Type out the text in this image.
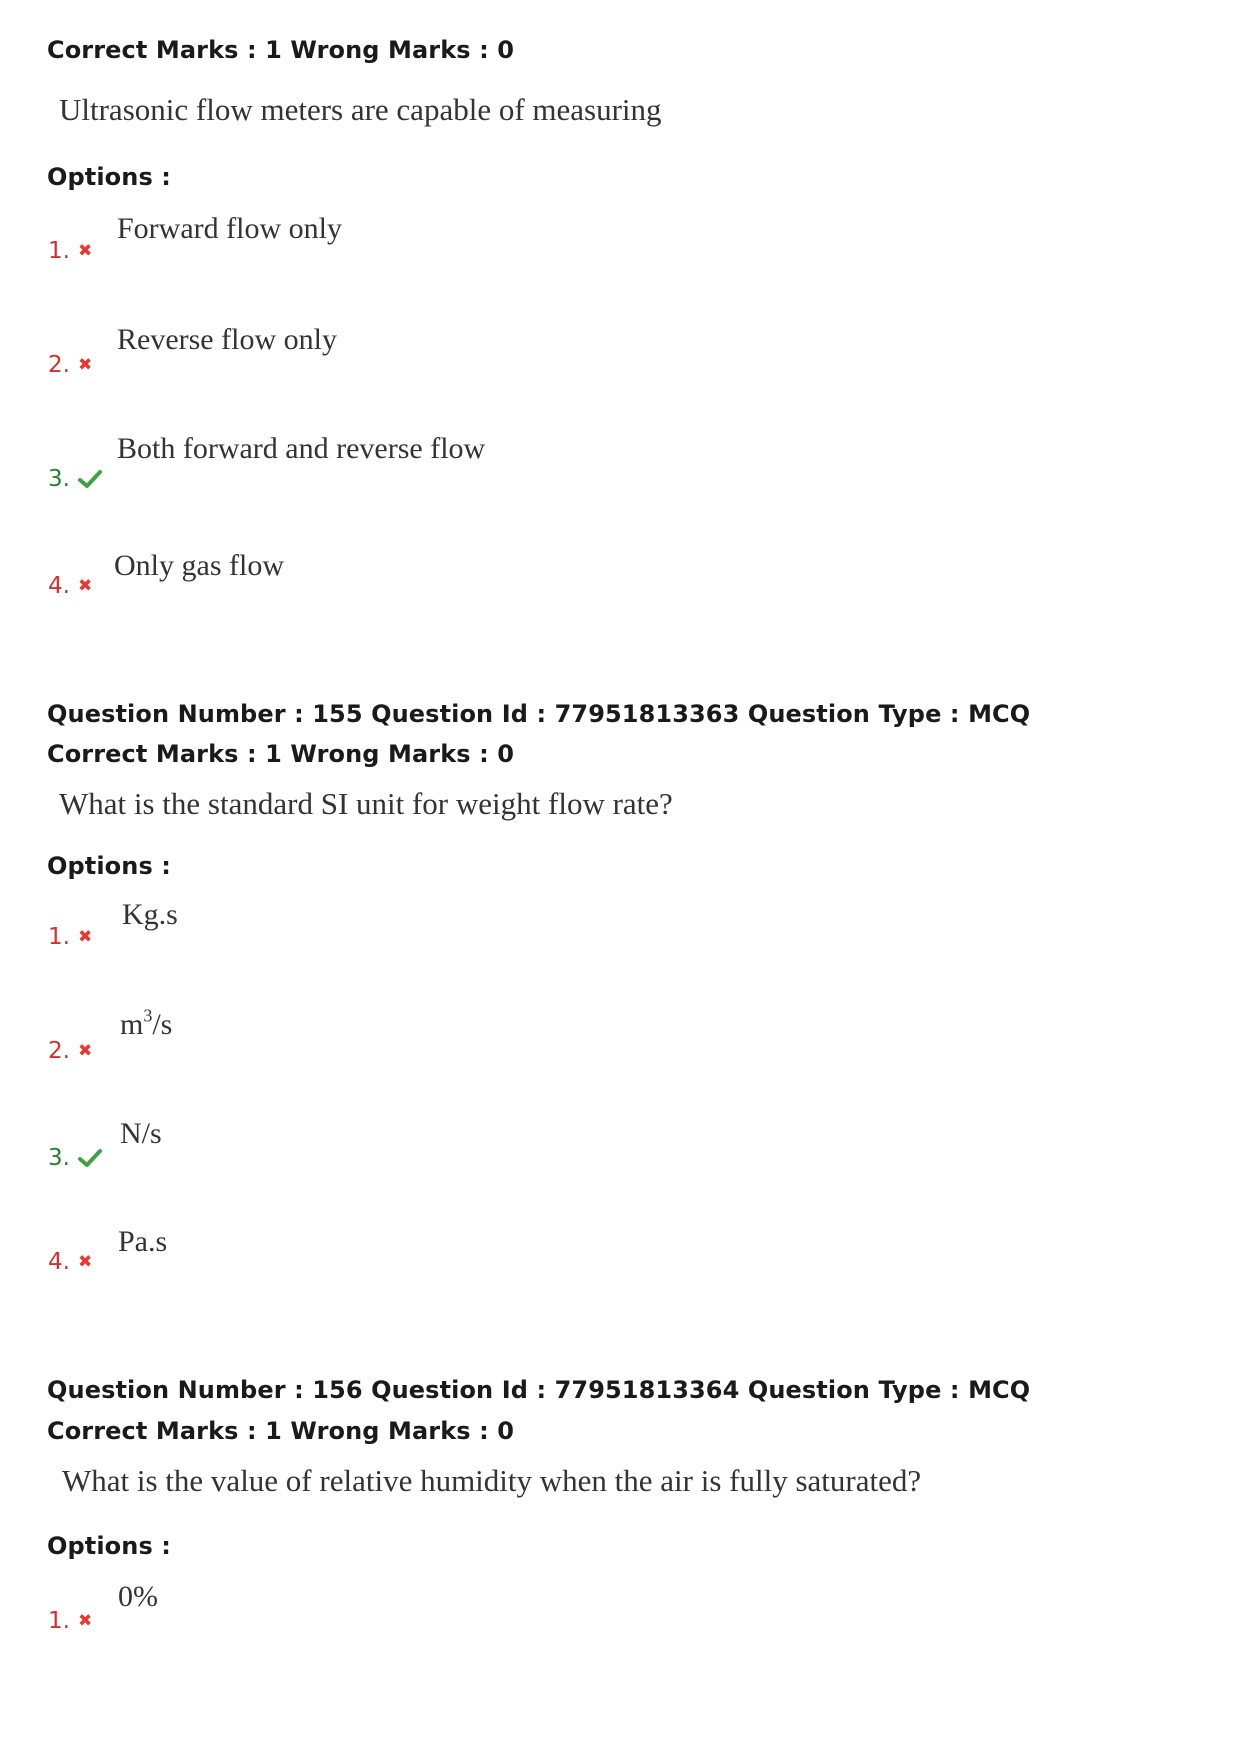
Correct Marks : 1 Wrong Marks : 0
Ultrasonic flow meters are capable of measuring
Options :
1. ✖
Forward flow only
2. ✖
Reverse flow only
3.
Both forward and reverse flow
4. ✖
Only gas flow
Question Number : 155 Question Id : 77951813363 Question Type : MCQ
Correct Marks : 1 Wrong Marks : 0
What is the standard SI unit for weight flow rate?
Options :
1. ✖
Kg.s
2. ✖
$m^3/s$
3.
N/s
4. ✖
Pa.s
Question Number : 156 Question Id : 77951813364 Question Type : MCQ
Correct Marks : 1 Wrong Marks : 0
What is the value of relative humidity when the air is fully saturated?
Options :
1. ✖
0%
